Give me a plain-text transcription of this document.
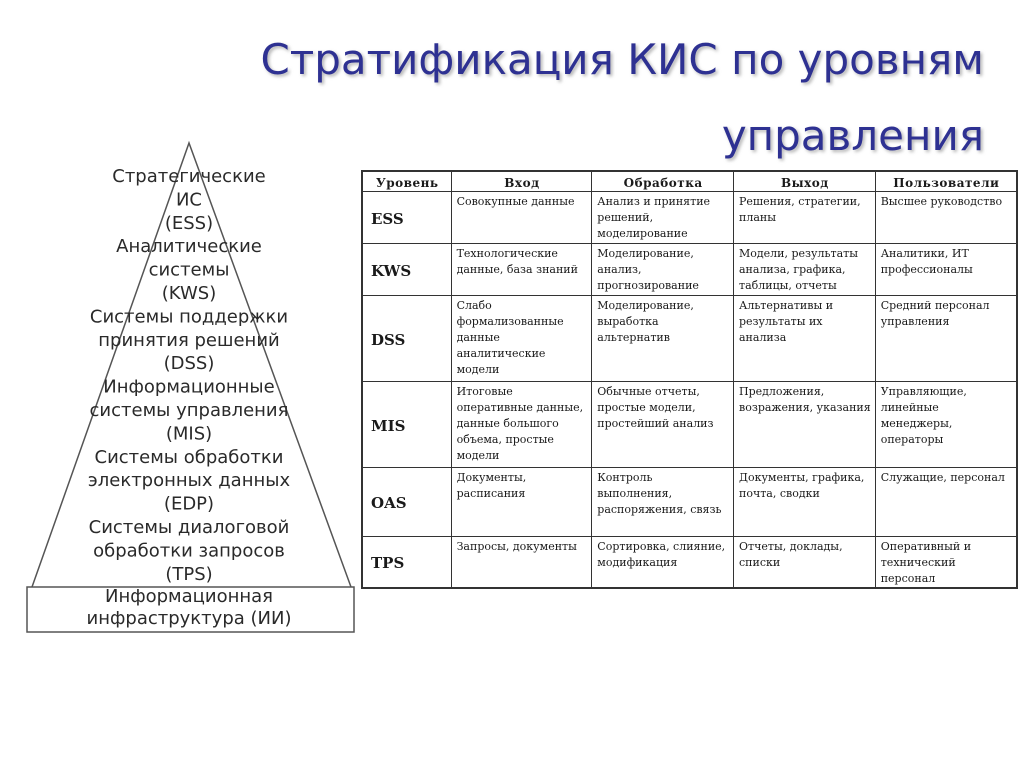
Стратификация КИС по уровням
управления
Стратегические
ИС
(ESS)
Аналитические
системы
(KWS)
Системы поддержки
принятия решений
(DSS)
Информационные
системы управления
(MIS)
Системы обработки
электронных данных
(EDP)
Системы диалоговой
обработки запросов
(TPS)
Информационная
инфраструктура (ИИ)
Уровень	Вход	Обработка	Выход	Пользователи
ESS	Совокупные данные	Анализ и принятие решений, моделирование	Решения, стратегии, планы	Высшее руководство
KWS	Технологические данные, база знаний	Моделирование, анализ, прогнозирование	Модели, результаты анализа, графика, таблицы, отчеты	Аналитики, ИТ профессионалы
DSS	Слабо формализованные данные аналитические модели	Моделирование, выработка альтернатив	Альтернативы и результаты их анализа	Средний персонал управления
MIS	Итоговые оперативные данные, данные большого объема, простые модели	Обычные отчеты, простые модели, простейший анализ	Предложения, возражения, указания	Управляющие, линейные менеджеры, операторы
OAS	Документы, расписания	Контроль выполнения, распоряжения, связь	Документы, графика, почта, сводки	Служащие, персонал
TPS	Запросы, документы	Сортировка, слияние, модификация	Отчеты, доклады, списки	Оперативный и технический персонал
